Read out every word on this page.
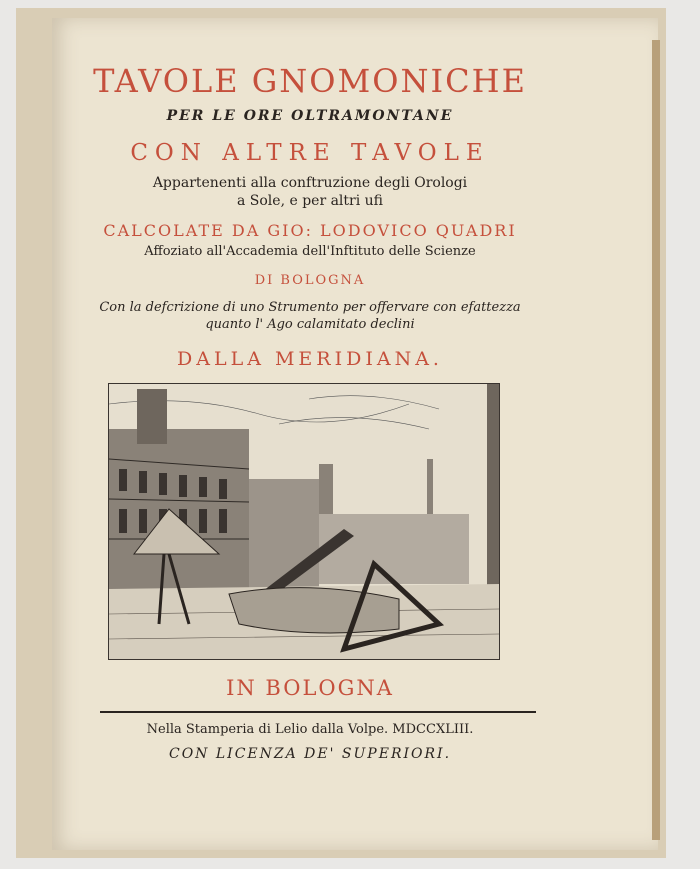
TAVOLE GNOMONICHE
PER LE ORE OLTRAMONTANE
CON ALTRE TAVOLE
Appartenenti alla conftruzione degli Orologi
a Sole, e per altri ufi
CALCOLATE DA GIO: LODOVICO QUADRI
Affoziato all'Accademia dell'Inftituto delle Scienze
DI BOLOGNA
Con la defcrizione di uno Strumento per offervare con efattezza
quanto l' Ago calamitato declini
DALLA MERIDIANA.
IN BOLOGNA
Nella Stamperia di Lelio dalla Volpe. MDCCXLIII.
CON LICENZA DE' SUPERIORI.
